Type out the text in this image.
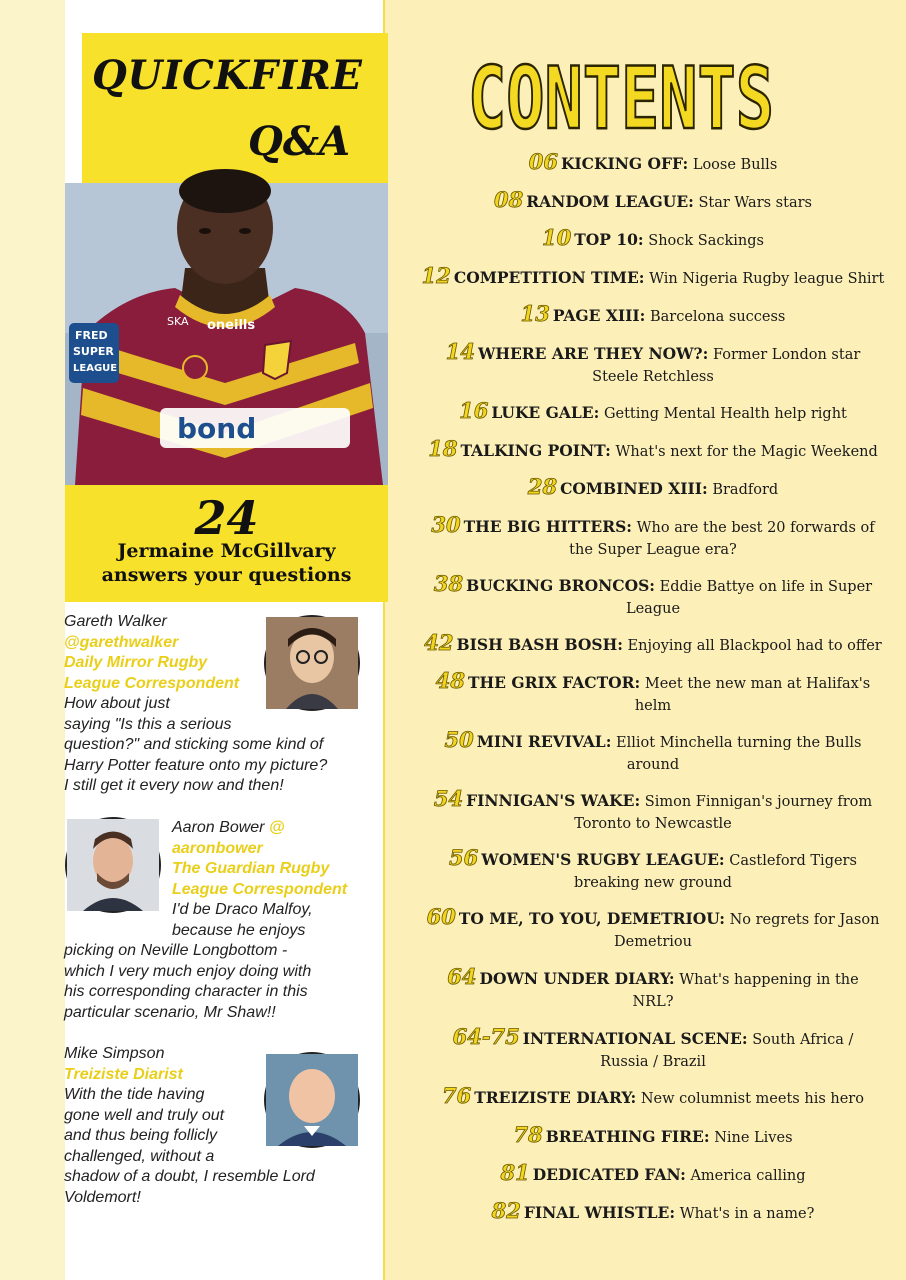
QUICKFIRE
Q&A
bond
oneills
SKA
FRED
SUPER
LEAGUE
24
Jermaine McGillvary
answers your questions
Gareth Walker
@garethwalker
Daily Mirror Rugby
League Correspondent
How about just
saying "Is this a serious
question?" and sticking some kind of
Harry Potter feature onto my picture?
I still get it every now and then!
Aaron Bower @
aaronbower
The Guardian Rugby
League Correspondent
I'd be Draco Malfoy,
because he enjoys
picking on Neville Longbottom -
which I very much enjoy doing with
his corresponding character in this
particular scenario, Mr Shaw!!
Mike Simpson
Treiziste Diarist
With the tide having
gone well and truly out
and thus being follicly
challenged, without a
shadow of a doubt, I resemble Lord
Voldemort!
CONTENTS
06 KICKING OFF: Loose Bulls
08 RANDOM LEAGUE: Star Wars stars
10 TOP 10: Shock Sackings
12 COMPETITION TIME: Win Nigeria Rugby league Shirt
13 PAGE XIII: Barcelona success
14 WHERE ARE THEY NOW?: Former London star
Steele Retchless
16 LUKE GALE: Getting Mental Health help right
18 TALKING POINT: What's next for the Magic Weekend
28 COMBINED XIII: Bradford
30 THE BIG HITTERS: Who are the best 20 forwards of
the Super League era?
38 BUCKING BRONCOS: Eddie Battye on life in Super
League
42 BISH BASH BOSH: Enjoying all Blackpool had to offer
48 THE GRIX FACTOR: Meet the new man at Halifax's
helm
50 MINI REVIVAL: Elliot Minchella turning the Bulls
around
54 FINNIGAN'S WAKE: Simon Finnigan's journey from
Toronto to Newcastle
56 WOMEN'S RUGBY LEAGUE: Castleford Tigers
breaking new ground
60 TO ME, TO YOU, DEMETRIOU: No regrets for Jason
Demetriou
64 DOWN UNDER DIARY: What's happening in the
NRL?
64-75 INTERNATIONAL SCENE: South Africa /
Russia / Brazil
76 TREIZISTE DIARY: New columnist meets his hero
78 BREATHING FIRE: Nine Lives
81 DEDICATED FAN: America calling
82 FINAL WHISTLE: What's in a name?
